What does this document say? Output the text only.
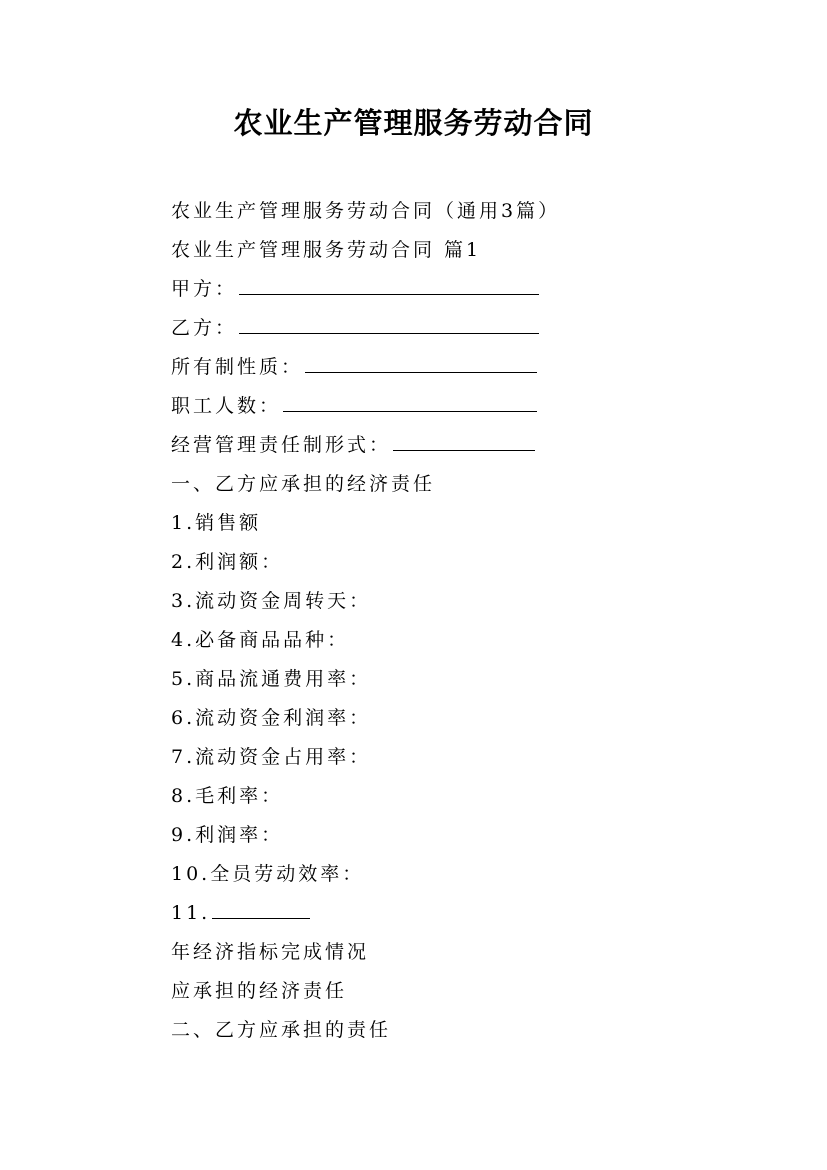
农业生产管理服务劳动合同
农业生产管理服务劳动合同（通用3篇）
农业生产管理服务劳动合同 篇1
甲方：
乙方：
所有制性质：
职工人数：
经营管理责任制形式：
一、乙方应承担的经济责任
1.销售额
2.利润额：
3.流动资金周转天：
4.必备商品品种：
5.商品流通费用率：
6.流动资金利润率：
7.流动资金占用率：
8.毛利率：
9.利润率：
10.全员劳动效率：
11.
年经济指标完成情况
应承担的经济责任
二、乙方应承担的责任
